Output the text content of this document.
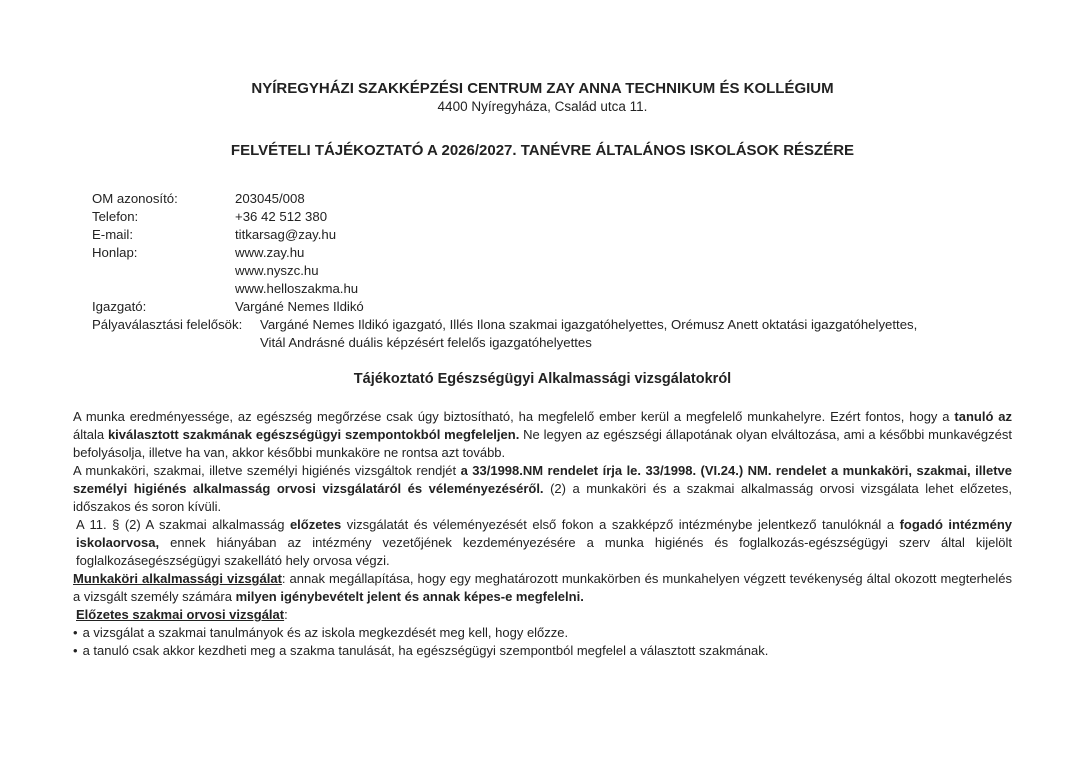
NYÍREGYHÁZI SZAKKÉPZÉSI CENTRUM ZAY ANNA TECHNIKUM ÉS KOLLÉGIUM

4400 Nyíregyháza, Család utca 11.

FELVÉTELI TÁJÉKOZTATÓ A 2026/2027. TANÉVRE ÁLTALÁNOS ISKOLÁSOK RÉSZÉRE

OM azonosító:	203045/008
Telefon:	+36 42 512 380
E-mail:	titkarsag@zay.hu
Honlap:	www.zay.hu
www.nyszc.hu
www.helloszakma.hu
Igazgató:	Vargáné Nemes Ildikó
Pályaválasztási felelősök:	Vargáné Nemes Ildikó igazgató, Illés Ilona szakmai igazgatóhelyettes, Orémusz Anett oktatási igazgatóhelyettes,
Vitál Andrásné duális képzésért felelős igazgatóhelyettes

Tájékoztató Egészségügyi Alkalmassági vizsgálatokról

A munka eredményessége, az egészség megőrzése csak úgy biztosítható, ha megfelelő ember kerül a megfelelő munkahelyre. Ezért fontos, hogy a tanuló az általa kiválasztott szakmának egészségügyi szempontokból megfeleljen. Ne legyen az egészségi állapotának olyan elváltozása, ami a későbbi munkavégzést befolyásolja, illetve ha van, akkor későbbi munkaköre ne rontsa azt tovább.

A munkaköri, szakmai, illetve személyi higiénés vizsgáltok rendjét a 33/1998.NM rendelet írja le. 33/1998. (VI.24.) NM. rendelet a munkaköri, szakmai, illetve személyi higiénés alkalmasság orvosi vizsgálatáról és véleményezéséről. (2) a munkaköri és a szakmai alkalmasság orvosi vizsgálata lehet előzetes, időszakos és soron kívüli.

A 11. § (2) A szakmai alkalmasság előzetes vizsgálatát és véleményezését első fokon a szakképző intézménybe jelentkező tanulóknál a fogadó intézmény iskolaorvosa, ennek hiányában az intézmény vezetőjének kezdeményezésére a munka higiénés és foglalkozás-egészségügyi szerv által kijelölt foglalkozásegészségügyi szakellátó hely orvosa végzi.

Munkaköri alkalmassági vizsgálat: annak megállapítása, hogy egy meghatározott munkakörben és munkahelyen végzett tevékenység által okozott megterhelés a vizsgált személy számára milyen igénybevételt jelent és annak képes-e megfelelni.

Előzetes szakmai orvosi vizsgálat:

• a vizsgálat a szakmai tanulmányok és az iskola megkezdését meg kell, hogy előzze.
• a tanuló csak akkor kezdheti meg a szakma tanulását, ha egészségügyi szempontból megfelel a választott szakmának.
